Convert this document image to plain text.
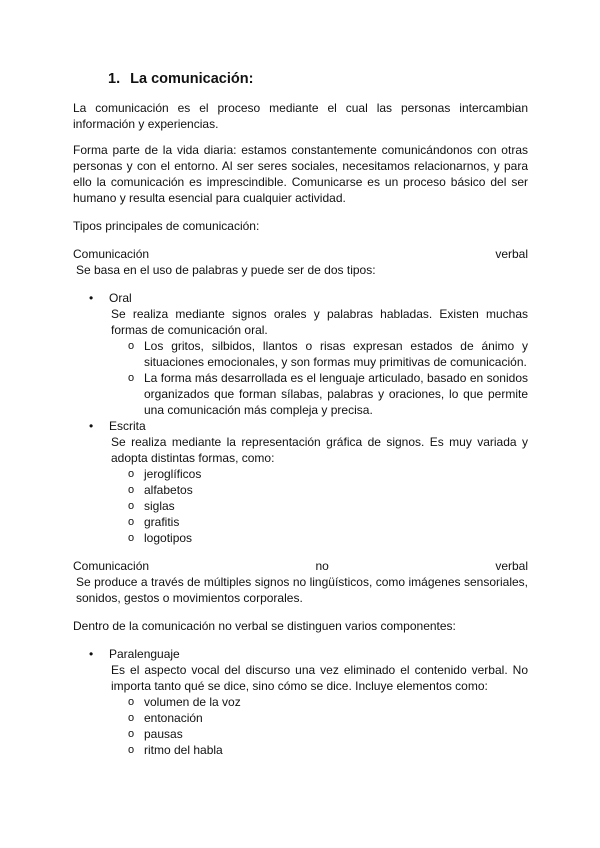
1. La comunicación:

La comunicación es el proceso mediante el cual las personas intercambian información y experiencias.

Forma parte de la vida diaria: estamos constantemente comunicándonos con otras personas y con el entorno. Al ser seres sociales, necesitamos relacionarnos, y para ello la comunicación es imprescindible. Comunicarse es un proceso básico del ser humano y resulta esencial para cualquier actividad.

Tipos principales de comunicación:

Comunicación	verbal

Se basa en el uso de palabras y puede ser de dos tipos:

• Oral
Se realiza mediante signos orales y palabras habladas. Existen muchas formas de comunicación oral.
o Los gritos, silbidos, llantos o risas expresan estados de ánimo y situaciones emocionales, y son formas muy primitivas de comunicación.
o La forma más desarrollada es el lenguaje articulado, basado en sonidos organizados que forman sílabas, palabras y oraciones, lo que permite una comunicación más compleja y precisa.
• Escrita
Se realiza mediante la representación gráfica de signos. Es muy variada y adopta distintas formas, como:
o jeroglíficos
o alfabetos
o siglas
o grafitis
o logotipos
Comunicación	no	verbal

Se produce a través de múltiples signos no lingüísticos, como imágenes sensoriales, sonidos, gestos o movimientos corporales.

Dentro de la comunicación no verbal se distinguen varios componentes:

• Paralenguaje
Es el aspecto vocal del discurso una vez eliminado el contenido verbal. No importa tanto qué se dice, sino cómo se dice. Incluye elementos como:
o volumen de la voz
o entonación
o pausas
o ritmo del habla
